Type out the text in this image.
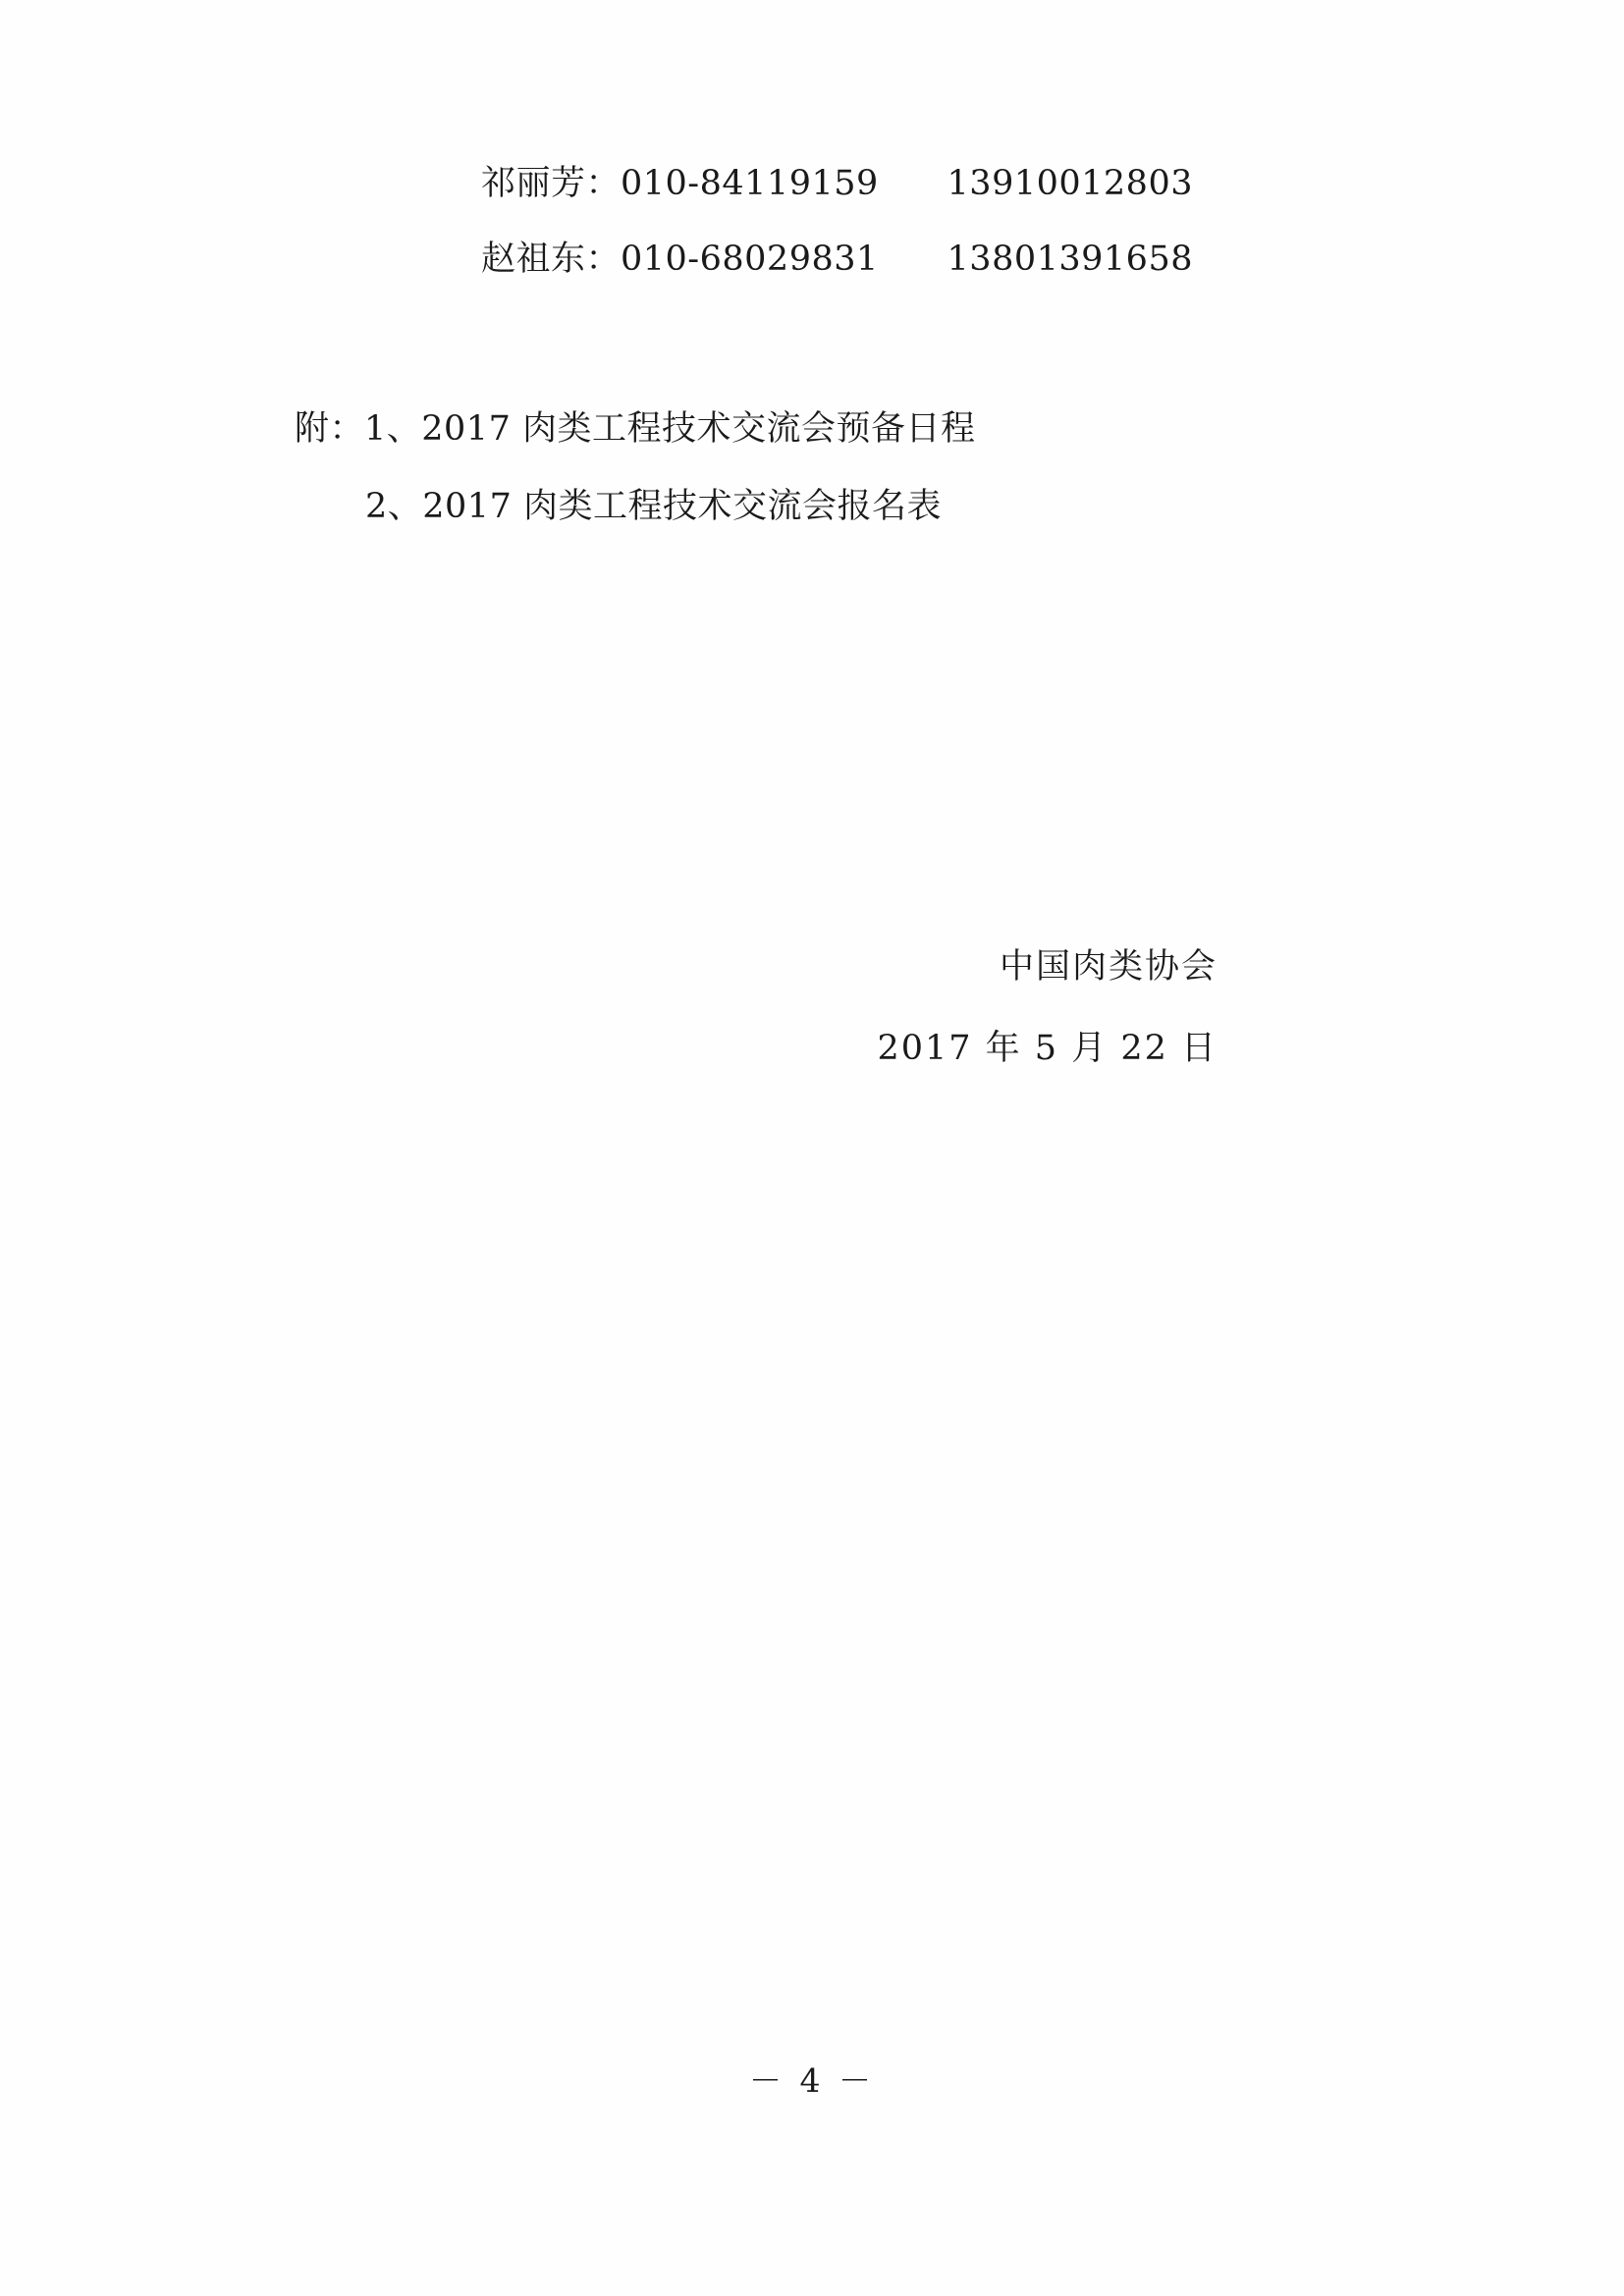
祁丽芳：010-84119159      13910012803
赵祖东：010-68029831      13801391658
附：1、2017 肉类工程技术交流会预备日程
2、2017 肉类工程技术交流会报名表
中国肉类协会
2017 年 5 月 22 日
－ 4 －
